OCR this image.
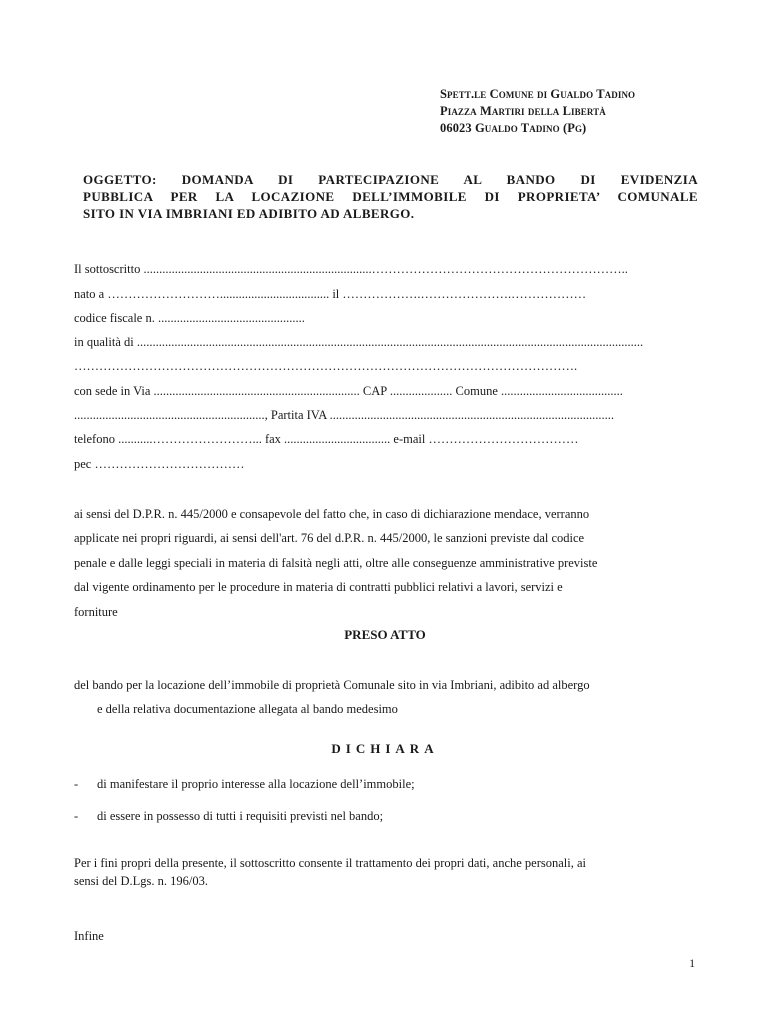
Spett.le Comune di Gualdo Tadino
Piazza Martiri della Libertà
06023 Gualdo Tadino (Pg)
OGGETTO: DOMANDA DI PARTECIPAZIONE AL BANDO DI EVIDENZIA
PUBBLICA PER LA LOCAZIONE DELL’IMMOBILE DI PROPRIETA’ COMUNALE
SITO IN VIA IMBRIANI ED ADIBITO AD ALBERGO.
Il sottoscritto .........................................................................……………………………………………………..
nato a ………………………................................... il ……………….………………….………………
codice fiscale n. ...............................................
in qualità di ..................................................................................................................................................................
………………………………………………………………………………………………………….
con sede in Via .................................................................. CAP .................... Comune .......................................
............................................................., Partita IVA ...........................................................................................
telefono ...........……………………... fax .................................. e-mail ………………………………
pec ………………………………
ai sensi del D.P.R. n. 445/2000 e consapevole del fatto che, in caso di dichiarazione mendace, verranno
applicate nei propri riguardi, ai sensi dell'art. 76 del d.P.R. n. 445/2000, le sanzioni previste dal codice
penale e dalle leggi speciali in materia di falsità negli atti, oltre alle conseguenze amministrative previste
dal vigente ordinamento per le procedure in materia di contratti pubblici relativi a lavori, servizi e
forniture
PRESO ATTO
del bando per la locazione dell’immobile di proprietà Comunale sito in via Imbriani, adibito ad albergo
e della relativa documentazione allegata al bando medesimo
DICHIARA
- di manifestare il proprio interesse alla locazione dell’immobile;
- di essere in possesso di tutti i requisiti previsti nel bando;
Per i fini propri della presente, il sottoscritto consente il trattamento dei propri dati, anche personali, ai
sensi del D.Lgs. n. 196/03.
Infine
1
